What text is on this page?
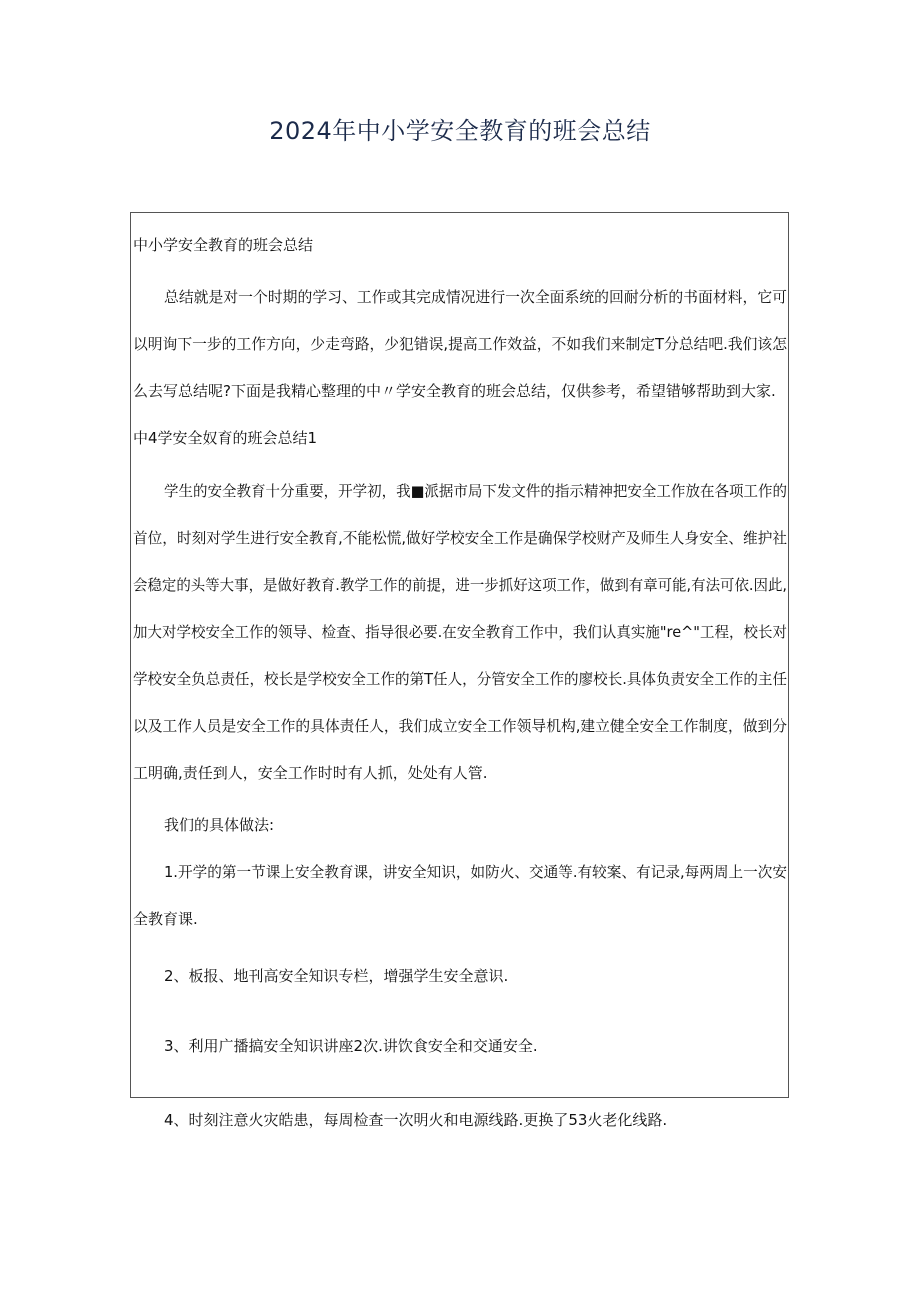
2024年中小学安全教育的班会总结

中小学安全教育的班会总结

总结就是对一个时期的学习、工作或其完成情况进行一次全面系统的回耐分析的书面材料，它可

以明询下一步的工作方向，少走弯路，少犯错误,提高工作效益，不如我们来制定T分总结吧.我们该怎

么去写总结呢?下面是我精心整理的中〃学安全教育的班会总结，仅供参考，希望错够帮助到大家.

中4学安全奴育的班会总结1

学生的安全教育十分重要，开学初，我■派据市局下发文件的指示精神把安全工作放在各项工作的

首位，时刻对学生进行安全教育,不能松慌,做好学校安全工作是确保学校财产及师生人身安全、维护社

会稳定的头等大事，是做好教育.教学工作的前提，进一步抓好这项工作，做到有章可能,有法可依.因此,

加大对学校安全工作的领导、检查、指导很必要.在安全教育工作中，我们认真实施"re^"工程，校长对

学校安全负总责任，校长是学校安全工作的第T任人，分管安全工作的廖校长.具体负责安全工作的主任

以及工作人员是安全工作的具体责任人，我们成立安全工作领导机构,建立健全安全工作制度，做到分

工明确,责任到人，安全工作时时有人抓，处处有人管.

我们的具体做法:

1.开学的第一节课上安全教育课，讲安全知识，如防火、交通等.有较案、有记录,每两周上一次安

全教育课.

2、板报、地刊高安全知识专栏，增强学生安全意识.

3、利用广播搞安全知识讲座2次.讲饮食安全和交通安全.

4、时刻注意火灾皓患，每周检查一次明火和电源线路.更换了53火老化线路.
